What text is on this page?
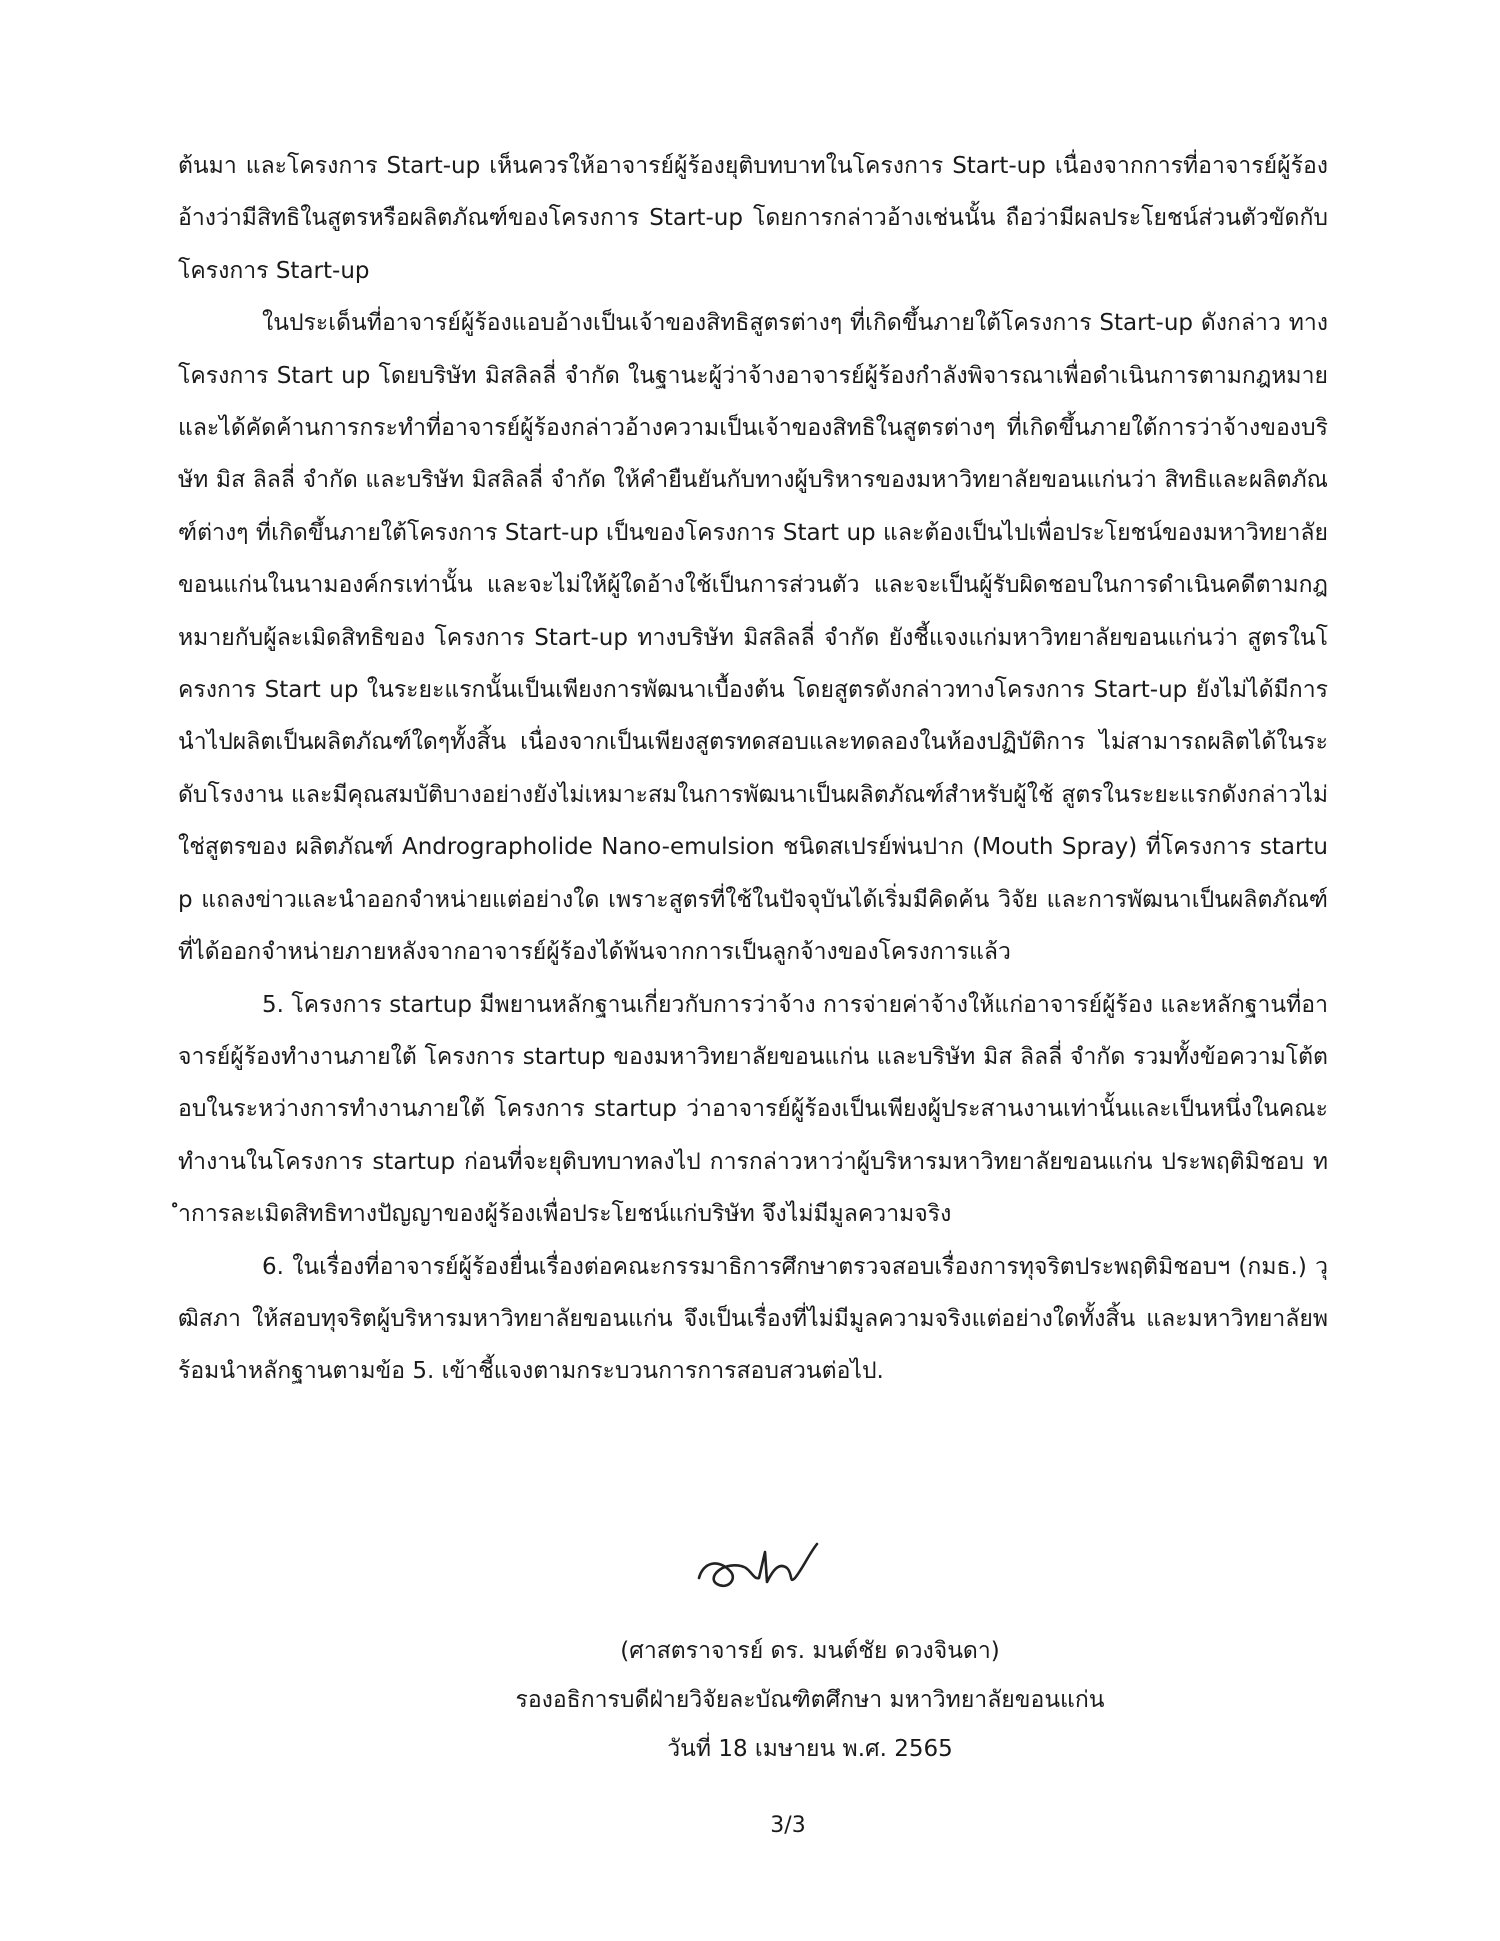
ต้นมา และโครงการ Start-up เห็นควรให้อาจารย์ผู้ร้องยุติบทบาทในโครงการ Start-up เนื่องจากการที่อาจารย์ผู้ร้องอ้างว่ามีสิทธิในสูตรหรือผลิตภัณฑ์ของโครงการ Start-up โดยการกล่าวอ้างเช่นนั้น ถือว่ามีผลประโยชน์ส่วนตัวขัดกับโครงการ Start-up

ในประเด็นที่อาจารย์ผู้ร้องแอบอ้างเป็นเจ้าของสิทธิสูตรต่างๆ ที่เกิดขึ้นภายใต้โครงการ Start-up ดังกล่าว ทางโครงการ Start up โดยบริษัท มิสลิลลี่ จำกัด ในฐานะผู้ว่าจ้างอาจารย์ผู้ร้องกำลังพิจารณาเพื่อดำเนินการตามกฎหมาย และได้คัดค้านการกระทำที่อาจารย์ผู้ร้องกล่าวอ้างความเป็นเจ้าของสิทธิในสูตรต่างๆ ที่เกิดขึ้นภายใต้การว่าจ้างของบริษัท มิส ลิลลี่ จำกัด และบริษัท มิสลิลลี่ จำกัด ให้คำยืนยันกับทางผู้บริหารของมหาวิทยาลัยขอนแก่นว่า สิทธิและผลิตภัณฑ์ต่างๆ ที่เกิดขึ้นภายใต้โครงการ Start-up เป็นของโครงการ Start up และต้องเป็นไปเพื่อประโยชน์ของมหาวิทยาลัยขอนแก่นในนามองค์กรเท่านั้น และจะไม่ให้ผู้ใดอ้างใช้เป็นการส่วนตัว และจะเป็นผู้รับผิดชอบในการดำเนินคดีตามกฎหมายกับผู้ละเมิดสิทธิของ โครงการ Start-up ทางบริษัท มิสลิลลี่ จำกัด ยังชี้แจงแก่มหาวิทยาลัยขอนแก่นว่า สูตรในโครงการ Start up ในระยะแรกนั้นเป็นเพียงการพัฒนาเบื้องต้น โดยสูตรดังกล่าวทางโครงการ Start-up ยังไม่ได้มีการนำไปผลิตเป็นผลิตภัณฑ์ใดๆทั้งสิ้น เนื่องจากเป็นเพียงสูตรทดสอบและทดลองในห้องปฏิบัติการ ไม่สามารถผลิตได้ในระดับโรงงาน และมีคุณสมบัติบางอย่างยังไม่เหมาะสมในการพัฒนาเป็นผลิตภัณฑ์สำหรับผู้ใช้ สูตรในระยะแรกดังกล่าวไม่ใช่สูตรของ ผลิตภัณฑ์ Andrographolide Nano-emulsion ชนิดสเปรย์พ่นปาก (Mouth Spray) ที่โครงการ startup แถลงข่าวและนำออกจำหน่ายแต่อย่างใด เพราะสูตรที่ใช้ในปัจจุบันได้เริ่มมีคิดค้น วิจัย และการพัฒนาเป็นผลิตภัณฑ์ที่ได้ออกจำหน่ายภายหลังจากอาจารย์ผู้ร้องได้พ้นจากการเป็นลูกจ้างของโครงการแล้ว

5. โครงการ startup มีพยานหลักฐานเกี่ยวกับการว่าจ้าง การจ่ายค่าจ้างให้แก่อาจารย์ผู้ร้อง และหลักฐานที่อาจารย์ผู้ร้องทำงานภายใต้ โครงการ startup ของมหาวิทยาลัยขอนแก่น และบริษัท มิส ลิลลี่ จำกัด รวมทั้งข้อความโต้ตอบในระหว่างการทำงานภายใต้ โครงการ startup ว่าอาจารย์ผู้ร้องเป็นเพียงผู้ประสานงานเท่านั้นและเป็นหนึ่งในคณะทำงานในโครงการ startup ก่อนที่จะยุติบทบาทลงไป การกล่าวหาว่าผู้บริหารมหาวิทยาลัยขอนแก่น ประพฤติมิชอบ ทำการละเมิดสิทธิทางปัญญาของผู้ร้องเพื่อประโยชน์แก่บริษัท จึงไม่มีมูลความจริง

6. ในเรื่องที่อาจารย์ผู้ร้องยื่นเรื่องต่อคณะกรรมาธิการศึกษาตรวจสอบเรื่องการทุจริตประพฤติมิชอบฯ (กมธ.) วุฒิสภา ให้สอบทุจริตผู้บริหารมหาวิทยาลัยขอนแก่น จึงเป็นเรื่องที่ไม่มีมูลความจริงแต่อย่างใดทั้งสิ้น และมหาวิทยาลัยพร้อมนำหลักฐานตามข้อ 5. เข้าชี้แจงตามกระบวนการการสอบสวนต่อไป.

(ศาสตราจารย์ ดร. มนต์ชัย ดวงจินดา)
รองอธิการบดีฝ่ายวิจัยละบัณฑิตศึกษา มหาวิทยาลัยขอนแก่น
วันที่ 18 เมษายน พ.ศ. 2565
3/3
